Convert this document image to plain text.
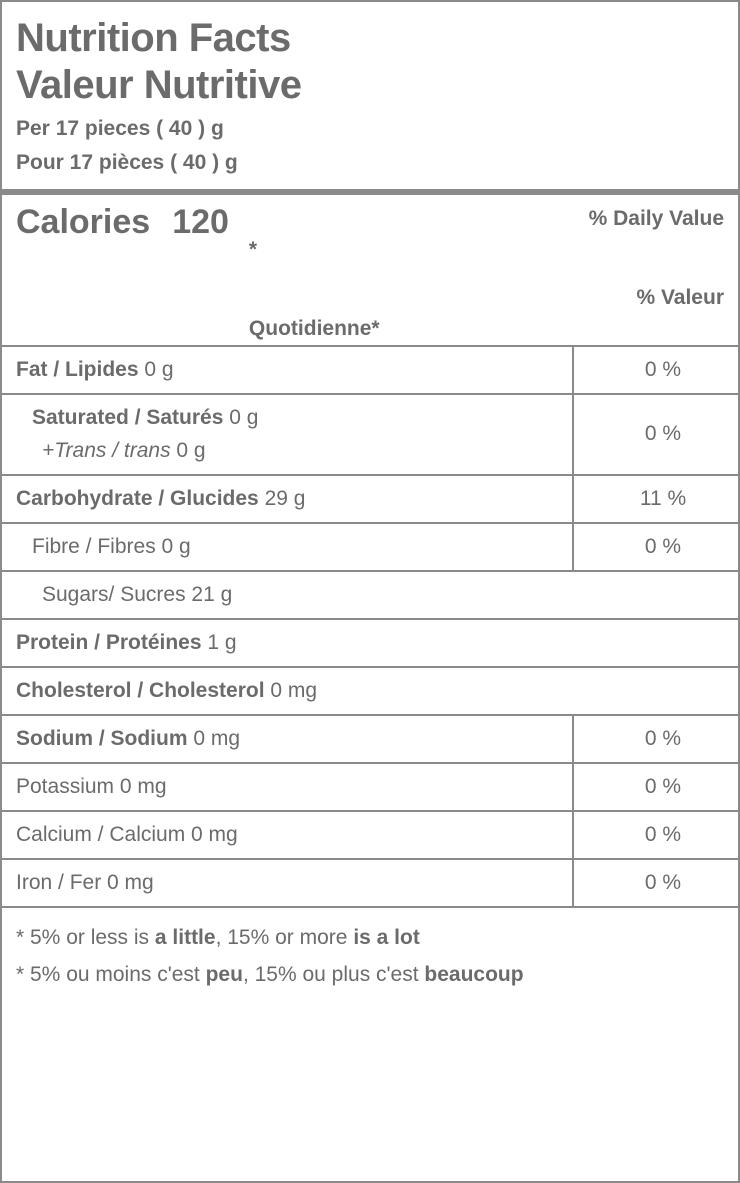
Nutrition Facts
Valeur Nutritive
Per 17 pieces ( 40 ) g
Pour 17 pièces ( 40 ) g
Calories 120	% Daily Value
*
% Valeur
Quotidienne*
Fat / Lipides 0 g	0 %

Saturated / Saturés 0 g
+Trans / trans 0 g	0 %
Carbohydrate / Glucides 29 g	11 %
Fibre / Fibres 0 g	0 %
Sugars/ Sucres 21 g	
Protein / Protéines 1 g	
Cholesterol / Cholesterol 0 mg	
Sodium / Sodium 0 mg	0 %
Potassium 0 mg	0 %
Calcium / Calcium 0 mg	0 %
Iron / Fer 0 mg	0 %
* 5% or less is a little, 15% or more is a lot
* 5% ou moins c'est peu, 15% ou plus c'est beaucoup
